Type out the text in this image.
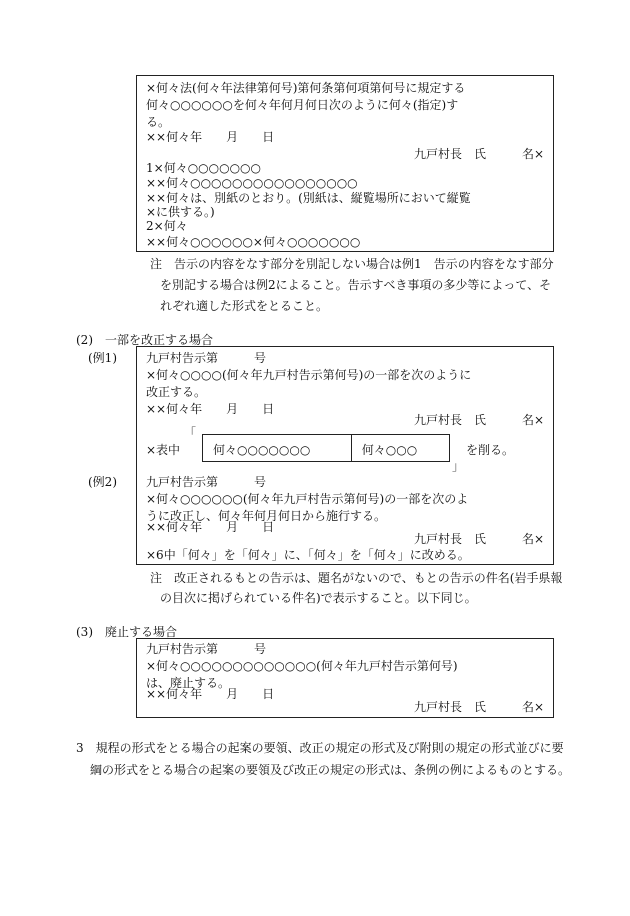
×何々法(何々年法律第何号)第何条第何項第何号に規定する
何々○○○○○○を何々年何月何日次のように何々(指定)す
る。
××何々年　　月　　日
九戸村長　氏　　　名×
1×何々○○○○○○○
××何々○○○○○○○○○○○○○○○○
××何々は、別紙のとおり。(別紙は、縦覧場所において縦覧
×に供する。)
2×何々
××何々○○○○○○×何々○○○○○○○
注　告示の内容をなす部分を別記しない場合は例1　告示の内容をなす部分
を別記する場合は例2によること。告示すべき事項の多少等によって、そ
れぞれ適した形式をとること。
(2)　一部を改正する場合
(例1) 九戸村告示第　　　号
×何々○○○○(何々年九戸村告示第何号)の一部を次のように
改正する。
××何々年　　月　　日
九戸村長　氏　　　名×
「
×表中	何々○○○○○○○	何々○○○	を削る。
」
(例2) 九戸村告示第　　　号
×何々○○○○○○(何々年九戸村告示第何号)の一部を次のよ
うに改正し、何々年何月何日から施行する。
××何々年　　月　　日
九戸村長　氏　　　名×
×6中「何々」を「何々」に、「何々」を「何々」に改める。
注　改正されるもとの告示は、題名がないので、もとの告示の件名(岩手県報
の目次に掲げられている件名)で表示すること。以下同じ。
(3)　廃止する場合
九戸村告示第　　　号
×何々○○○○○○○○○○○○○(何々年九戸村告示第何号)
は、廃止する。
××何々年　　月　　日
九戸村長　氏　　　名×
3　規程の形式をとる場合の起案の要領、改正の規定の形式及び附則の規定の形式並びに要
綱の形式をとる場合の起案の要領及び改正の規定の形式は、条例の例によるものとする。
